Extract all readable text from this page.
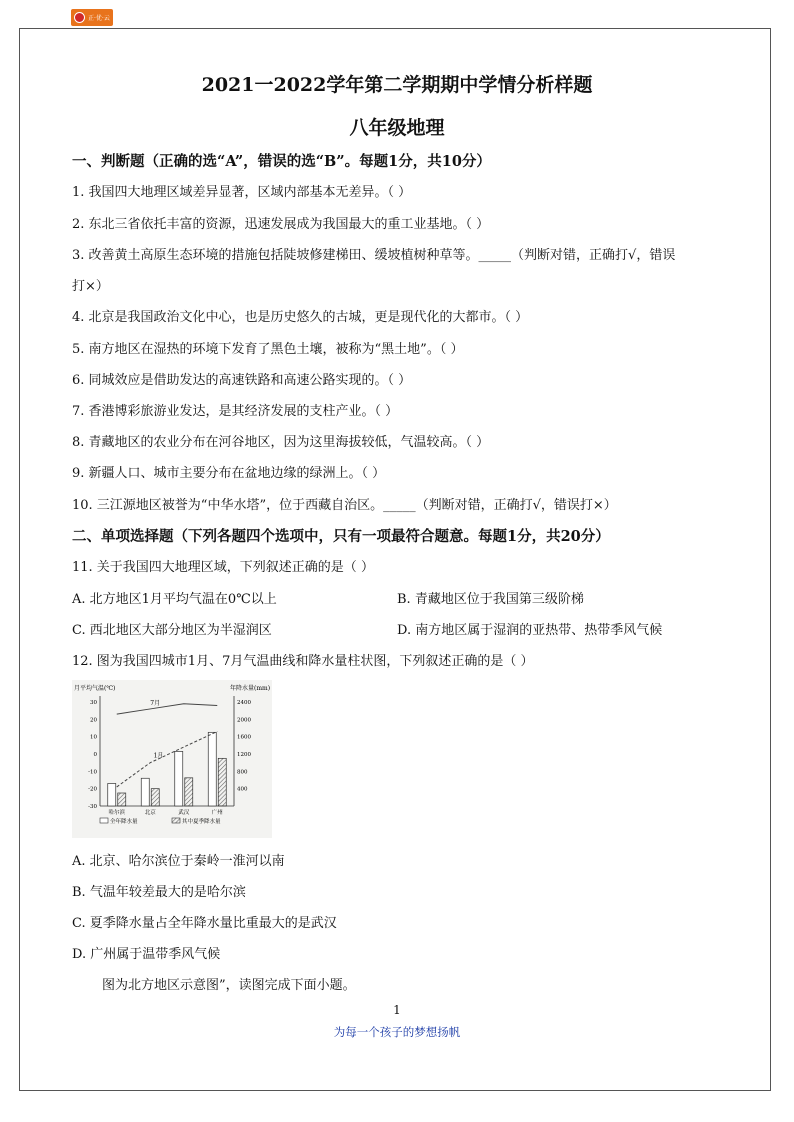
正·优·云
2021一2022学年第二学期期中学情分析样题
八年级地理
一、判断题（正确的选“A”，错误的选“B”。每题1分，共10分）
1. 我国四大地理区域差异显著，区域内部基本无差异。（ ）
2. 东北三省依托丰富的资源，迅速发展成为我国最大的重工业基地。（ ）
3. 改善黄土高原生态环境的措施包括陡坡修建梯田、缓坡植树种草等。_____（判断对错，正确打√，错误
打×）
4. 北京是我国政治文化中心，也是历史悠久的古城，更是现代化的大都市。（ ）
5. 南方地区在湿热的环境下发育了黑色土壤，被称为“黑土地”。（ ）
6. 同城效应是借助发达的高速铁路和高速公路实现的。（ ）
7. 香港博彩旅游业发达，是其经济发展的支柱产业。（ ）
8. 青藏地区的农业分布在河谷地区，因为这里海拔较低，气温较高。（ ）
9. 新疆人口、城市主要分布在盆地边缘的绿洲上。（ ）
10. 三江源地区被誉为“中华水塔”，位于西藏自治区。_____（判断对错，正确打√，错误打×）
二、单项选择题（下列各题四个选项中，只有一项最符合题意。每题1分，共20分）
11. 关于我国四大地理区域，下列叙述正确的是（ ）
A. 北方地区1月平均气温在0℃以上	B. 青藏地区位于我国第三级阶梯
C. 西北地区大部分地区为半湿润区	D. 南方地区属于湿润的亚热带、热带季风气候
12. 图为我国四城市1月、7月气温曲线和降水量柱状图，下列叙述正确的是（ ）
月平均气温(℃)	年降水量(mm)
30
20
10
0
-10
-20
-30
2400
2000
1600
1200
800
400
哈尔滨	北京	武汉	广州
7月
1月
全年降水量	其中夏季降水量
A. 北京、哈尔滨位于秦岭一淮河以南
B. 气温年较差最大的是哈尔滨
C. 夏季降水量占全年降水量比重最大的是武汉
D. 广州属于温带季风气候
图为北方地区示意图”，读图完成下面小题。
1
为每一个孩子的梦想扬帆
